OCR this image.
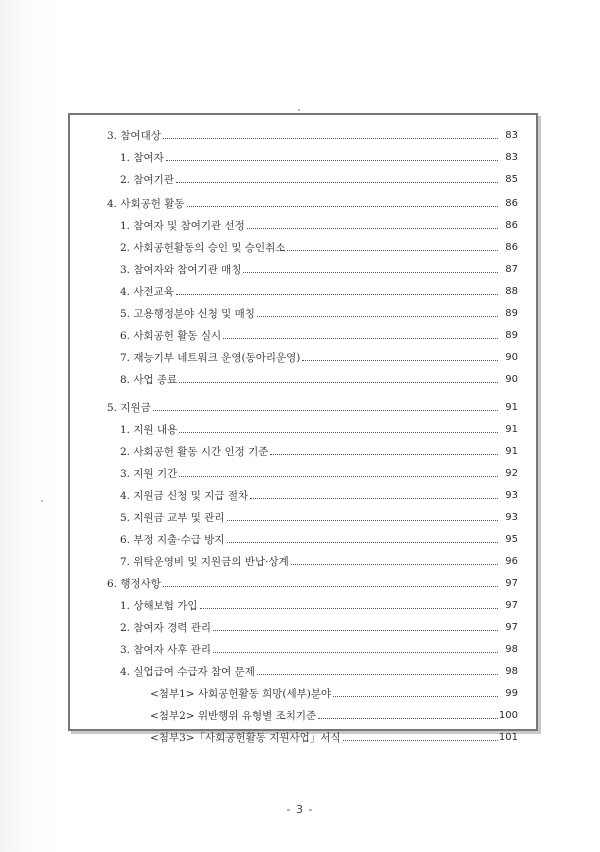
3. 참여대상	83
1. 참여자	83
2. 참여기관	85
4. 사회공헌 활동	86
1. 참여자 및 참여기관 선정	86
2. 사회공헌활동의 승인 및 승인취소	86
3. 참여자와 참여기관 매칭	87
4. 사전교육	88
5. 고용행정분야 신청 및 매칭	89
6. 사회공헌 활동 실시	89
7. 재능기부 네트워크 운영(동아리운영)	90
8. 사업 종료	90
5. 지원금	91
1. 지원 내용	91
2. 사회공헌 활동 시간 인정 기준	91
3. 지원 기간	92
4. 지원금 신청 및 지급 절차	93
5. 지원금 교부 및 관리	93
6. 부정 지출·수급 방지	95
7. 위탁운영비 및 지원금의 반납·상계	96
6. 행정사항	97
1. 상해보험 가입	97
2. 참여자 경력 관리	97
3. 참여자 사후 관리	98
4. 실업급여 수급자 참여 문제	98
<첨부1> 사회공헌활동 희망(세부)분야	99
<첨부2> 위반행위 유형별 조치기준	100
<첨부3>「사회공헌활동 지원사업」서식	101
- 3 -
